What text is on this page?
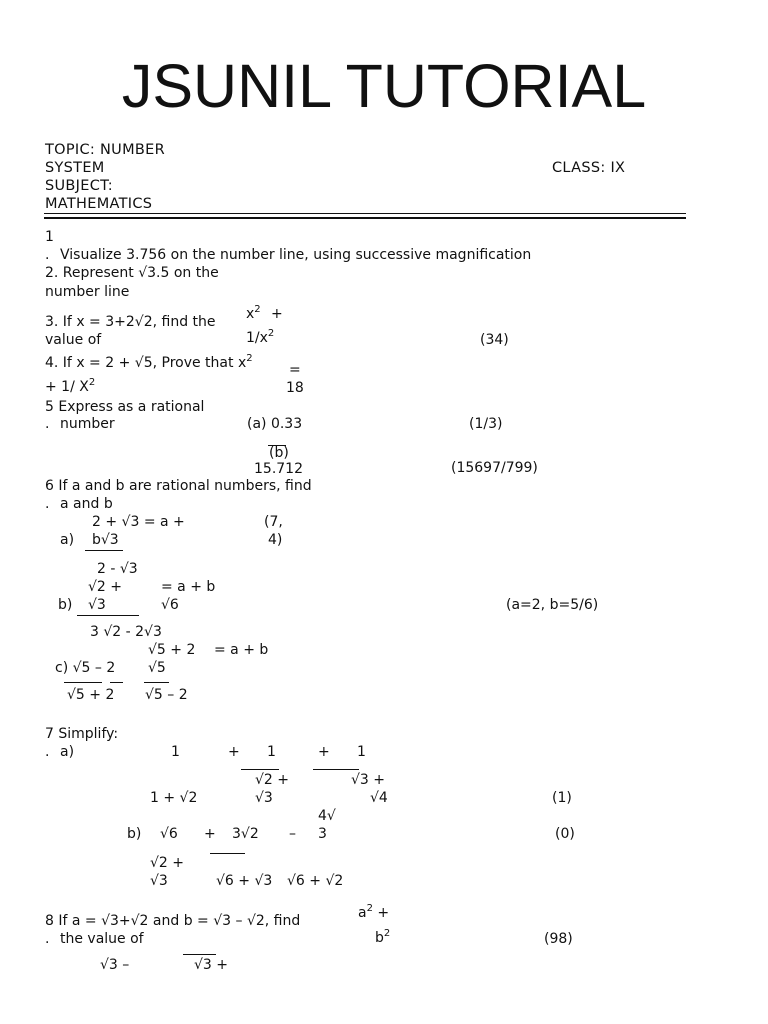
JSUNIL TUTORIAL
TOPIC: NUMBER
SYSTEM
SUBJECT:
MATHEMATICS
CLASS: IX
1
. Visualize 3.756 on the number line, using successive magnification
2. Represent √3.5 on the
number line
3. If x = 3+2√2, find the
value of
$x^2$ +
$1/x^2$	(34)
4. If x = 2 + √5, Prove that $x^2$
+ 1/ $X^2$
=
18
5 Express as a rational
. number	(a) 0.33	(1/3)
(b)
15.712	(15697/799)
6 If a and b are rational numbers, find
. a and b
2 + √3 = a +	(7,
a) b√3	4)
2 - √3
√2 +	= a + b
b) √3	√6	(a=2, b=5/6)
3 √2 - 2√3
√5 + 2 = a + b
c) √5 – 2 √5
√5 + 2 √5 – 2
7 Simplify:
. a)	1	+ 1	+ 1
√2 +	√3 +
1 + √2	√3	√4	(1)
4√
b) √6 + 3√2 – 3	(0)
√2 +
√3	√6 + √3 √6 + √2
$a^2$ +
8 If a = √3+√2 and b = √3 – √2, find
. the value of	$b^2$	(98)
√3 –	√3 +
